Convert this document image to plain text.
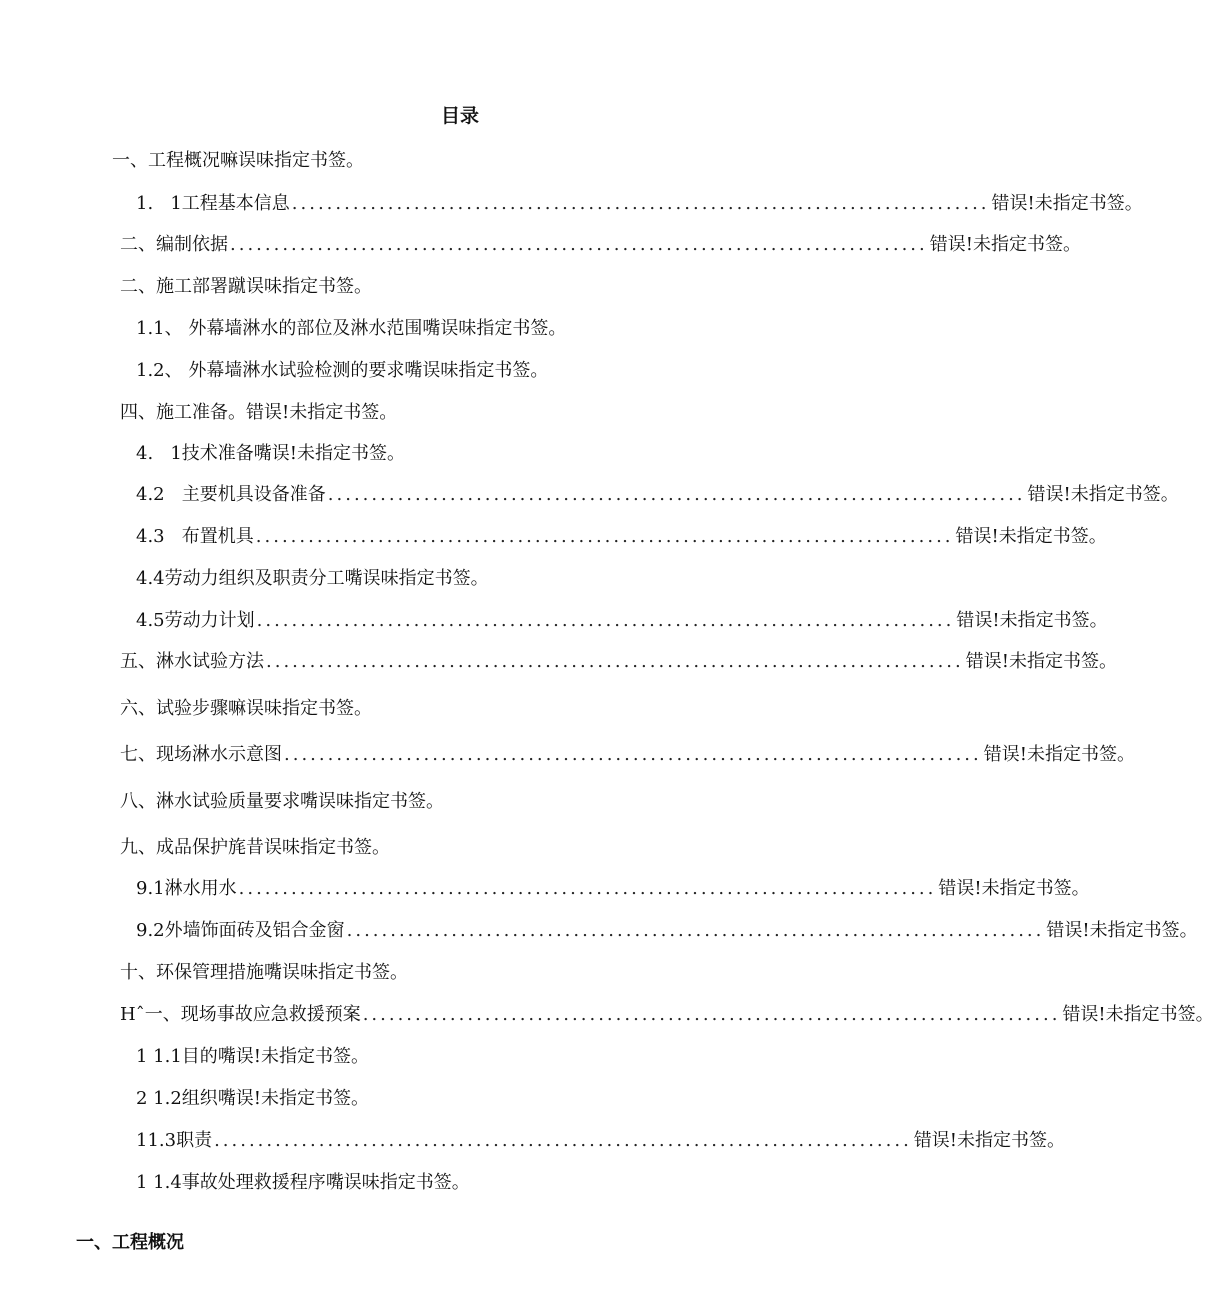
目录
一、工程概况 嘛误味指定书签。
1.   1工程基本信息 ................................................................................ 错误!未指定书签。
二、编制依据 ................................................................................ 错误!未指定书签。
二、施工部署 蹴误味指定书签。
1.1、 外幕墙淋水的部位及淋水范围 嘴误味指定书签。
1.2、 外幕墙淋水试验检测的要求 嘴误味指定书签。
四、施工准备。 错误!未指定书签。
4.   1技术准备 嘴误!未指定书签。
4.2   主要机具设备准备 ................................................................................ 错误!未指定书签。
4.3   布置机具 ................................................................................ 错误!未指定书签。
4.4劳动力组织及职责分工 嘴误味指定书签。
4.5劳动力计划 ................................................................................ 错误!未指定书签。
五、淋水试验方法 ................................................................................ 错误!未指定书签。
六、试验步骤 嘛误味指定书签。
七、现场淋水示意图 ................................................................................ 错误!未指定书签。
八、淋水试验质量要求 嘴误味指定书签。
九、成品保护旄昔 误味指定书签。
9.1淋水用水 ................................................................................ 错误!未指定书签。
9.2外墙饰面砖及铝合金窗 ................................................................................ 错误!未指定书签。
十、环保管理措施 嘴误味指定书签。
Hˆ一、现场事故应急救援预案 ................................................................................ 错误!未指定书签。
1 1.1目的 嘴误!未指定书签。
2 1.2组织 嘴误!未指定书签。
11.3职责 ................................................................................ 错误!未指定书签。
1 1.4事故处理救援程序 嘴误味指定书签。
一、工程概况
